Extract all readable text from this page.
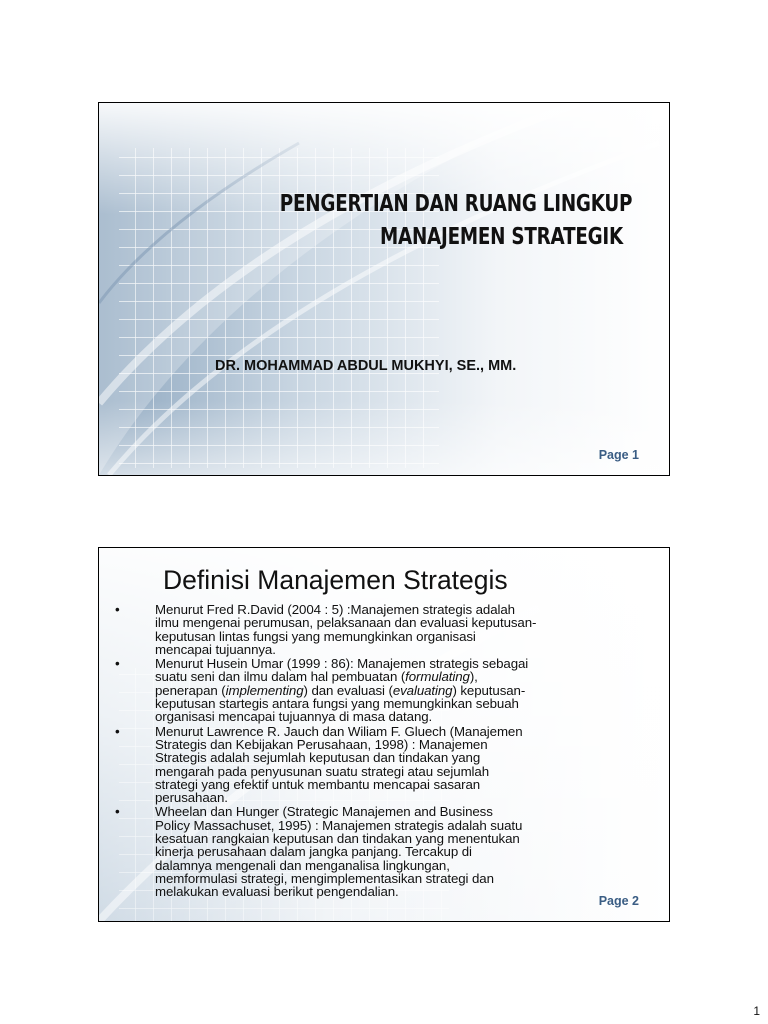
PENGERTIAN DAN RUANG LINGKUP
MANAJEMEN STRATEGIK

DR. MOHAMMAD ABDUL MUKHYI, SE., MM.

Page 1
Definisi Manajemen Strategis
•	Menurut Fred R.David (2004 : 5) :Manajemen strategis adalah
ilmu mengenai perumusan, pelaksanaan dan evaluasi keputusan-
keputusan lintas fungsi yang memungkinkan organisasi
mencapai tujuannya.
•	Menurut Husein Umar (1999 : 86): Manajemen strategis sebagai
suatu seni dan ilmu dalam hal pembuatan (formulating),
penerapan (implementing) dan evaluasi (evaluating) keputusan-
keputusan startegis antara fungsi yang memungkinkan sebuah
organisasi mencapai tujuannya di masa datang.
•	Menurut Lawrence R. Jauch dan Wiliam F. Gluech (Manajemen
Strategis dan Kebijakan Perusahaan, 1998) : Manajemen
Strategis adalah sejumlah keputusan dan tindakan yang
mengarah pada penyusunan suatu strategi atau sejumlah
strategi yang efektif untuk membantu mencapai sasaran
perusahaan.
•	Wheelan dan Hunger (Strategic Manajemen and Business
Policy Massachuset, 1995) : Manajemen strategis adalah suatu
kesatuan rangkaian keputusan dan tindakan yang menentukan
kinerja perusahaan dalam jangka panjang. Tercakup di
dalamnya mengenali dan menganalisa lingkungan,
memformulasi strategi, mengimplementasikan strategi dan
melakukan evaluasi berikut pengendalian.
Page 2
1
